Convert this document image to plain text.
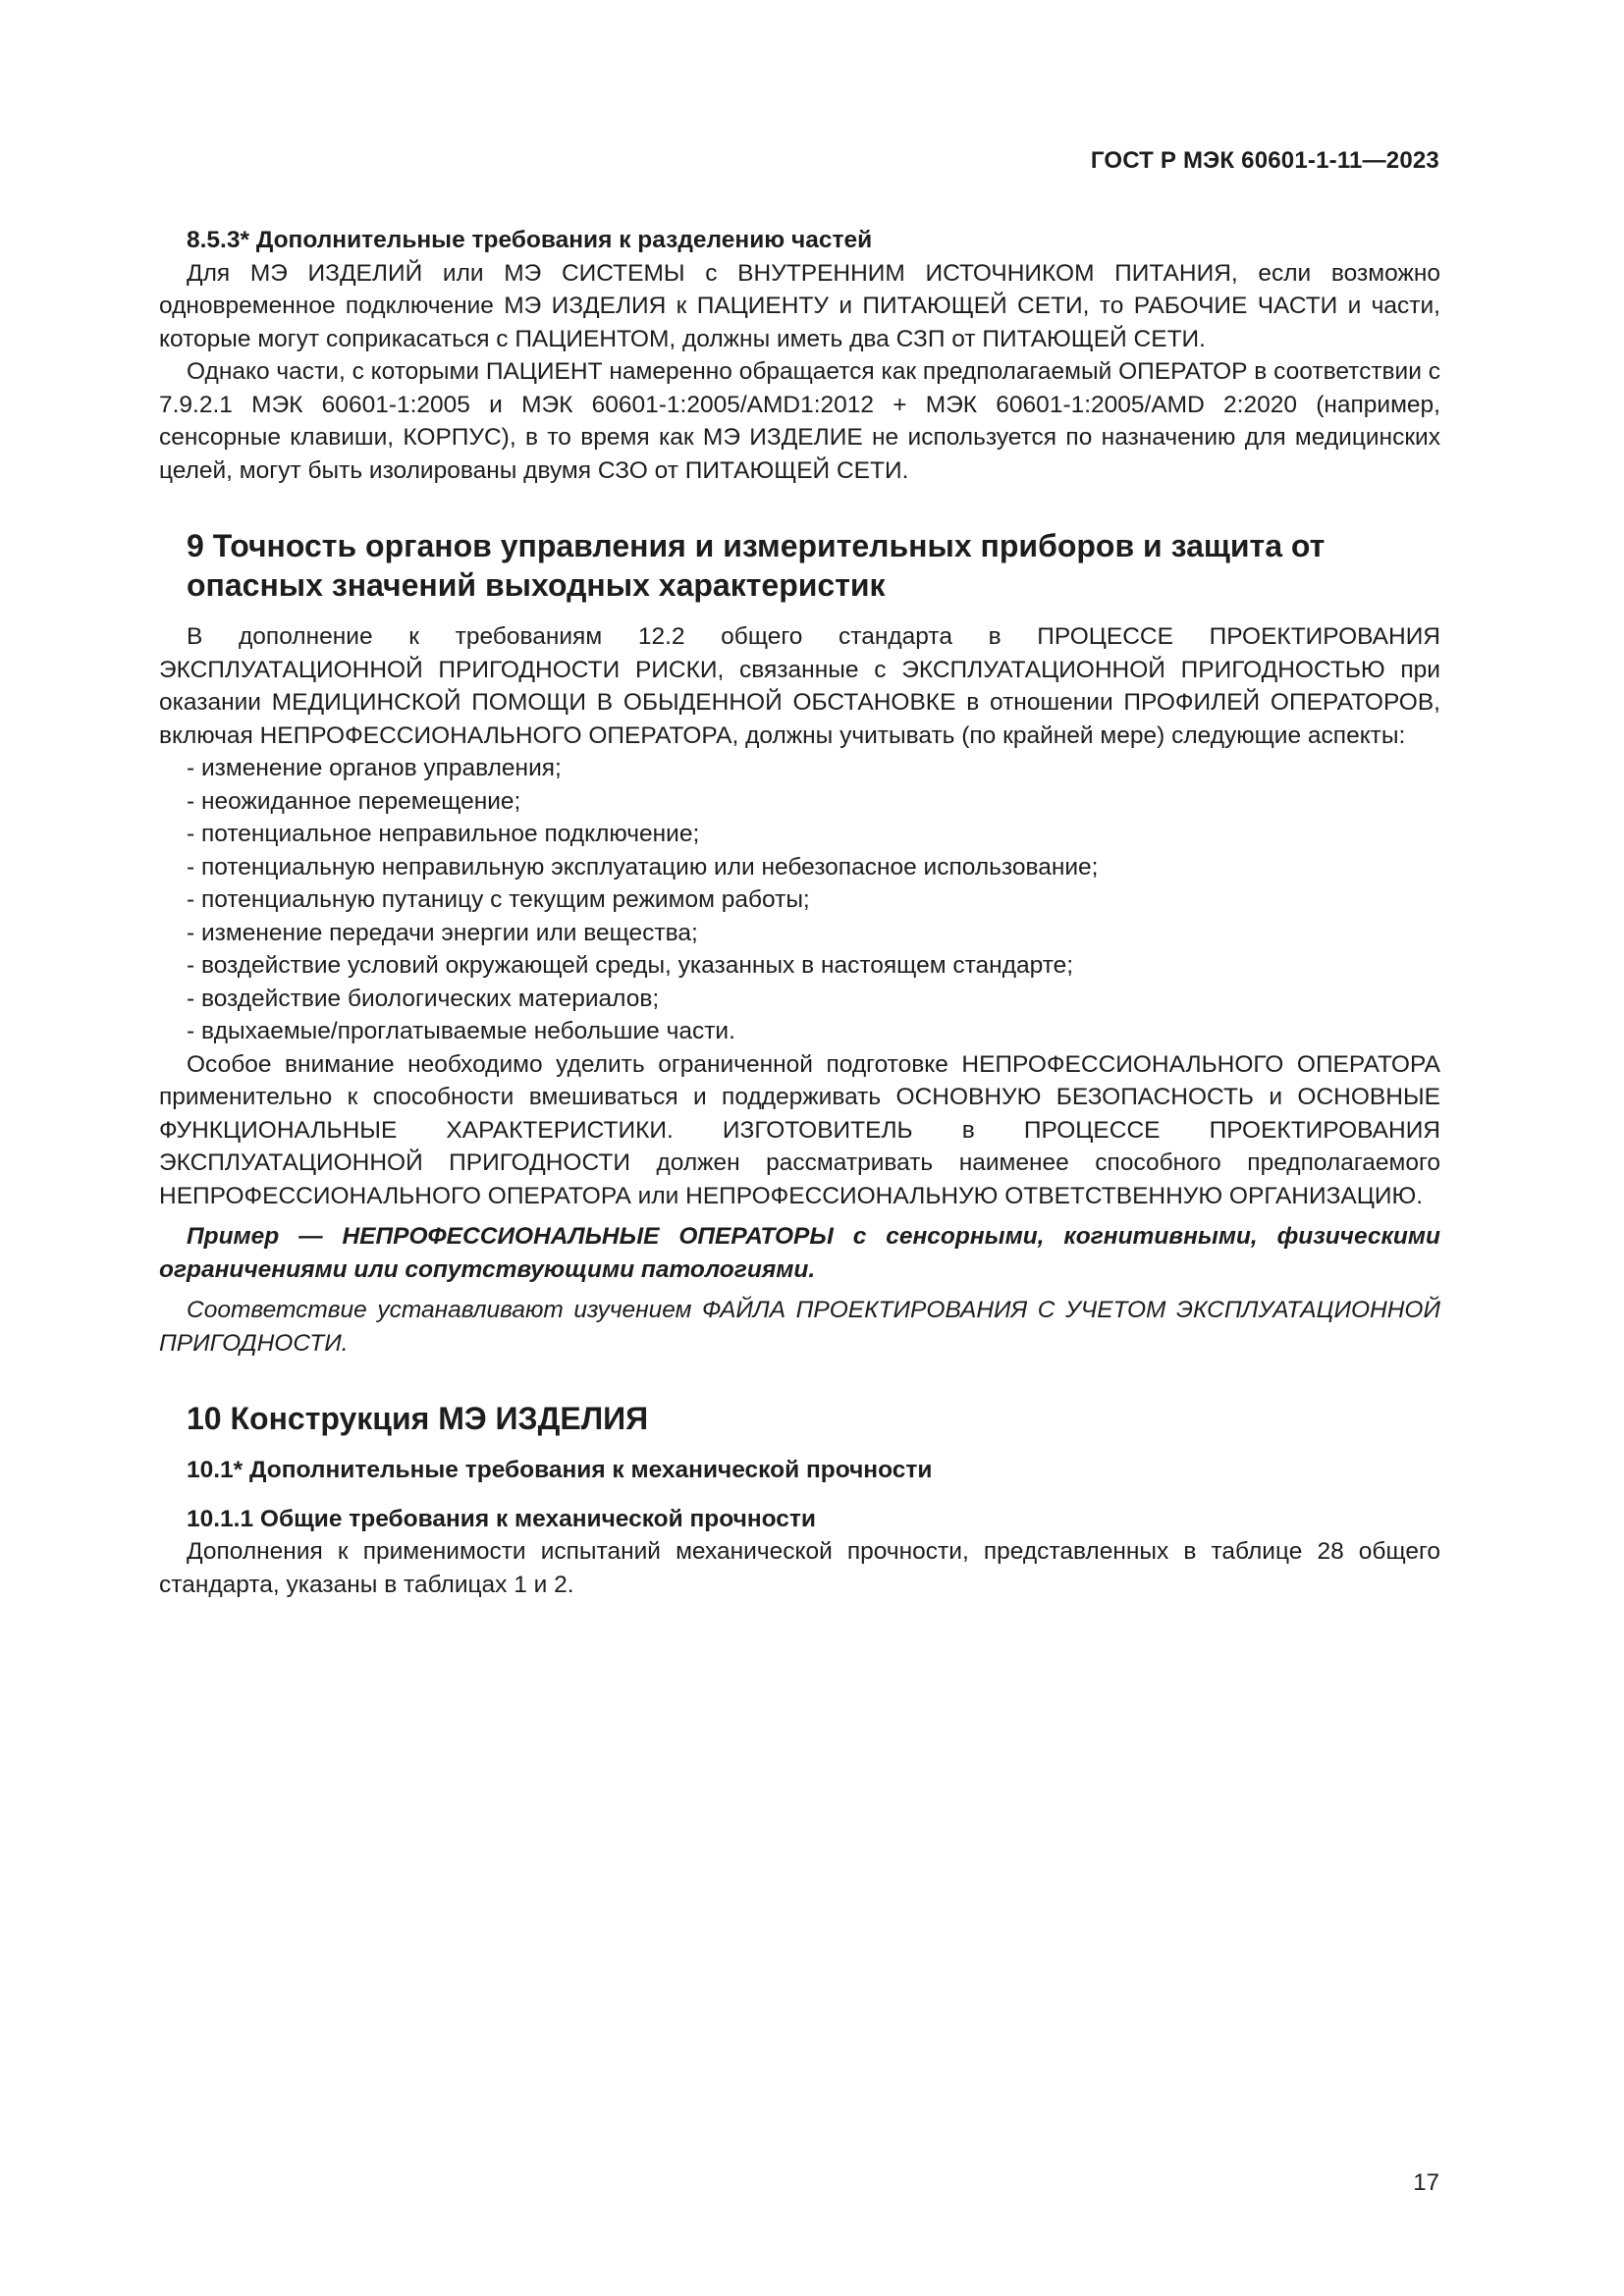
ГОСТ Р МЭК 60601-1-11—2023

8.5.3* Дополнительные требования к разделению частей

Для МЭ ИЗДЕЛИЙ или МЭ СИСТЕМЫ с ВНУТРЕННИМ ИСТОЧНИКОМ ПИТАНИЯ, если возможно одновременное подключение МЭ ИЗДЕЛИЯ к ПАЦИЕНТУ и ПИТАЮЩЕЙ СЕТИ, то РАБОЧИЕ ЧАСТИ и части, которые могут соприкасаться с ПАЦИЕНТОМ, должны иметь два СЗП от ПИТАЮЩЕЙ СЕТИ.

Однако части, с которыми ПАЦИЕНТ намеренно обращается как предполагаемый ОПЕРАТОР в соответствии с 7.9.2.1 МЭК 60601-1:2005 и МЭК 60601-1:2005/AMD1:2012 + МЭК 60601-1:2005/AMD 2:2020 (например, сенсорные клавиши, КОРПУС), в то время как МЭ ИЗДЕЛИЕ не используется по назначению для медицинских целей, могут быть изолированы двумя СЗО от ПИТАЮЩЕЙ СЕТИ.

9 Точность органов управления и измерительных приборов и защита от
опасных значений выходных характеристик

В дополнение к требованиям 12.2 общего стандарта в ПРОЦЕССЕ ПРОЕКТИРОВАНИЯ ЭКСПЛУАТАЦИОННОЙ ПРИГОДНОСТИ РИСКИ, связанные с ЭКСПЛУАТАЦИОННОЙ ПРИГОДНОСТЬЮ при оказании МЕДИЦИНСКОЙ ПОМОЩИ В ОБЫДЕННОЙ ОБСТАНОВКЕ в отношении ПРОФИЛЕЙ ОПЕРАТОРОВ, включая НЕПРОФЕССИОНАЛЬНОГО ОПЕРАТОРА, должны учитывать (по крайней мере) следующие аспекты:

- изменение органов управления;
- неожиданное перемещение;
- потенциальное неправильное подключение;
- потенциальную неправильную эксплуатацию или небезопасное использование;
- потенциальную путаницу с текущим режимом работы;
- изменение передачи энергии или вещества;
- воздействие условий окружающей среды, указанных в настоящем стандарте;
- воздействие биологических материалов;
- вдыхаемые/проглатываемые небольшие части.

Особое внимание необходимо уделить ограниченной подготовке НЕПРОФЕССИОНАЛЬНОГО ОПЕРАТОРА применительно к способности вмешиваться и поддерживать ОСНОВНУЮ БЕЗОПАСНОСТЬ и ОСНОВНЫЕ ФУНКЦИОНАЛЬНЫЕ ХАРАКТЕРИСТИКИ. ИЗГОТОВИТЕЛЬ в ПРОЦЕССЕ ПРОЕКТИРОВАНИЯ ЭКСПЛУАТАЦИОННОЙ ПРИГОДНОСТИ должен рассматривать наименее способного предполагаемого НЕПРОФЕССИОНАЛЬНОГО ОПЕРАТОРА или НЕПРОФЕССИОНАЛЬНУЮ ОТВЕТСТВЕННУЮ ОРГАНИЗАЦИЮ.

Пример — НЕПРОФЕССИОНАЛЬНЫЕ ОПЕРАТОРЫ с сенсорными, когнитивными, физическими ограничениями или сопутствующими патологиями.

Соответствие устанавливают изучением ФАЙЛА ПРОЕКТИРОВАНИЯ С УЧЕТОМ ЭКСПЛУАТАЦИОННОЙ ПРИГОДНОСТИ.

10 Конструкция МЭ ИЗДЕЛИЯ

10.1* Дополнительные требования к механической прочности

10.1.1 Общие требования к механической прочности

Дополнения к применимости испытаний механической прочности, представленных в таблице 28 общего стандарта, указаны в таблицах 1 и 2.

17
